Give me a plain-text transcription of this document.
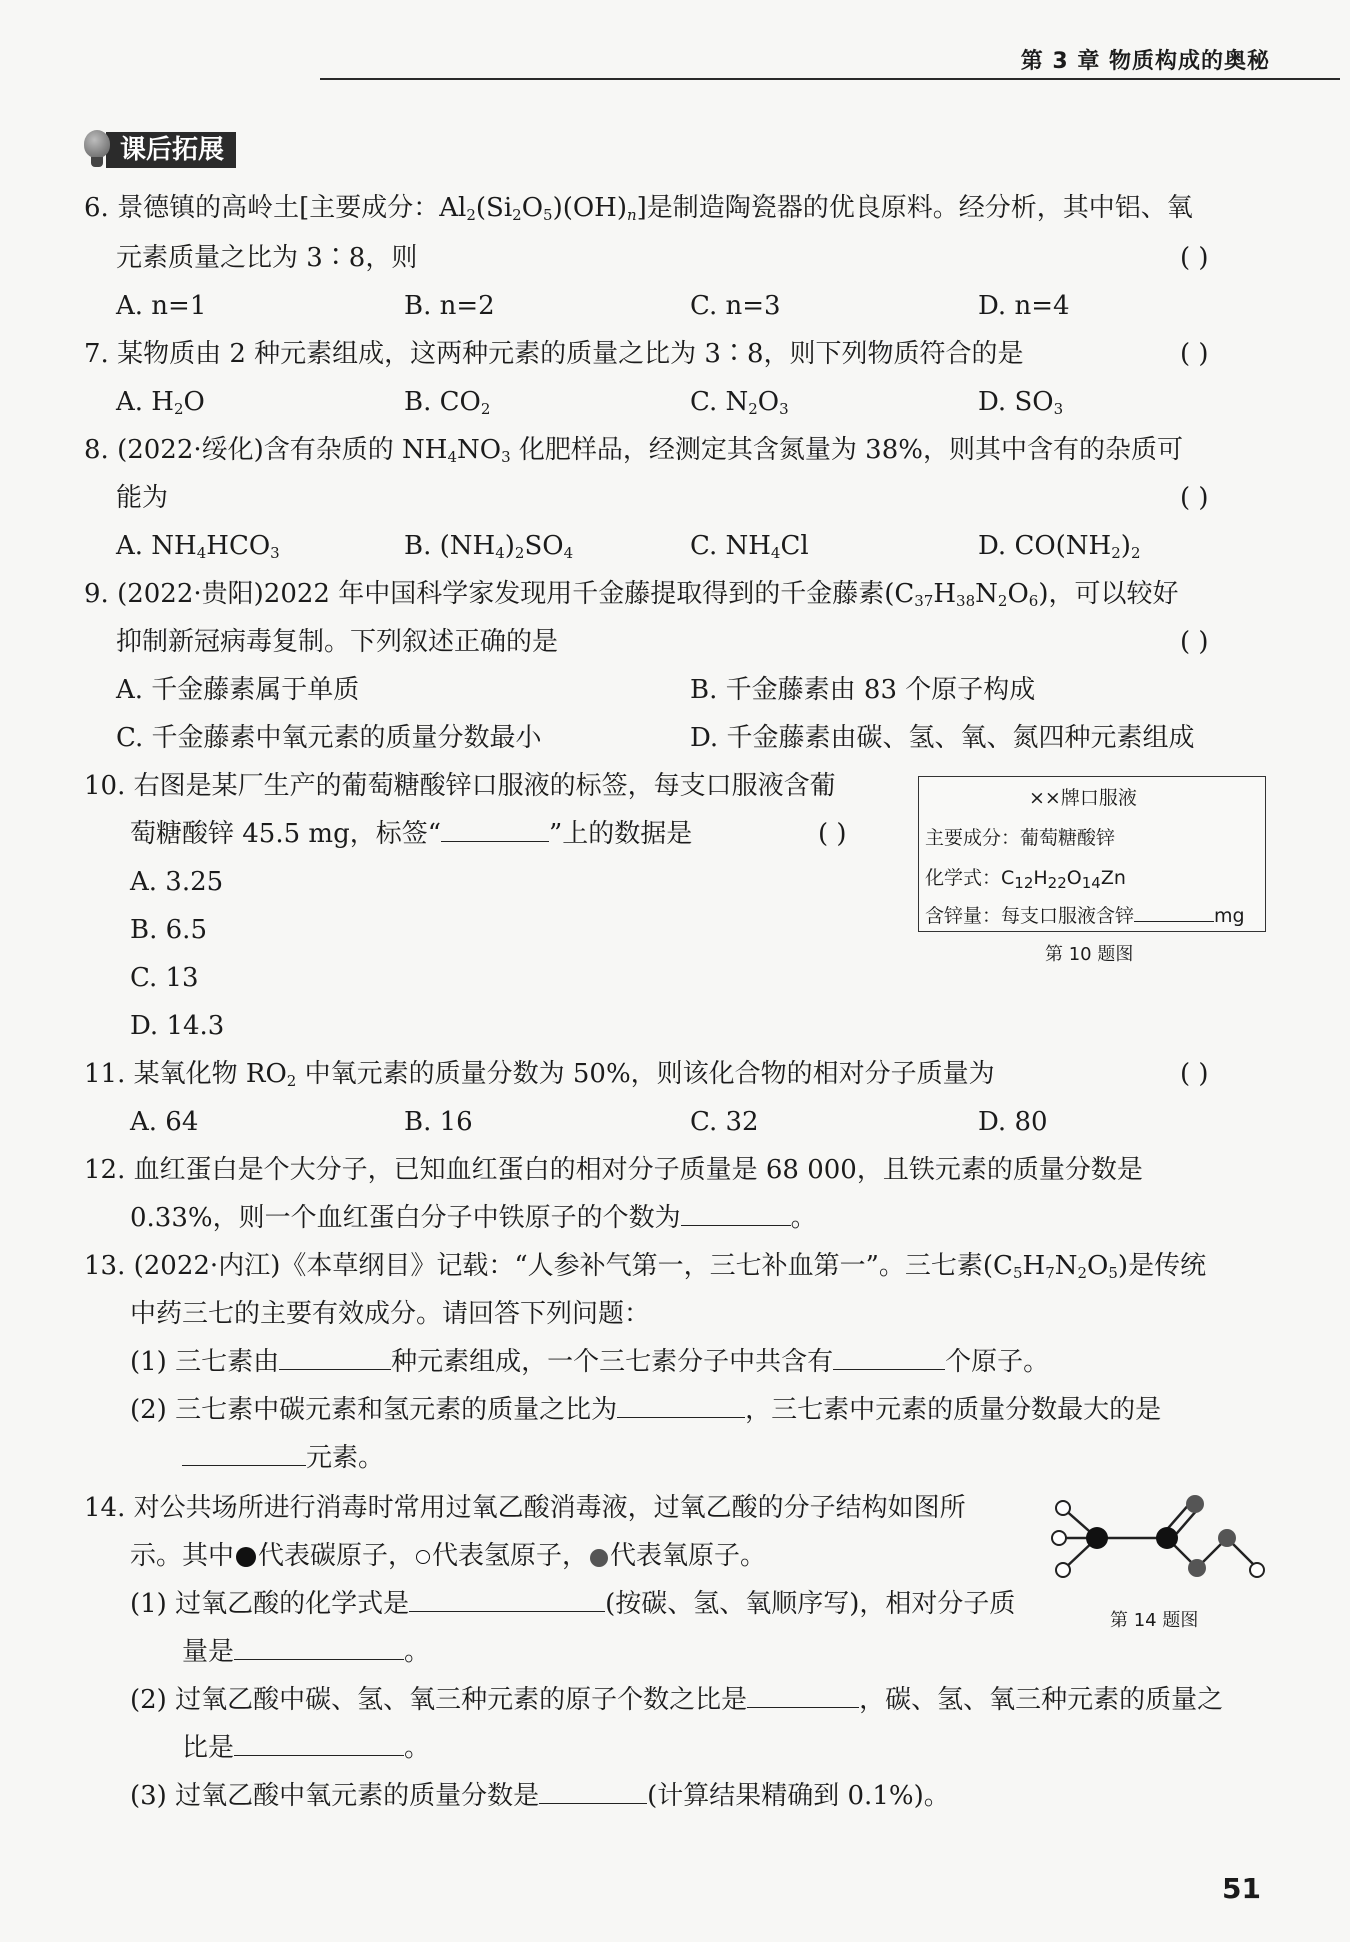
第 3 章 物质构成的奥秘
课后拓展
6. 景德镇的高岭土[主要成分：$Al_2(Si_2O_5)(OH)_n$]是制造陶瓷器的优良原料。经分析，其中铝、氧
元素质量之比为 3∶8，则	( )
A. n=1	B. n=2	C. n=3	D. n=4
7. 某物质由 2 种元素组成，这两种元素的质量之比为 3∶8，则下列物质符合的是	( )
A. $H_2O$	B. $CO_2$	C. $N_2O_3$	D. $SO_3$
8. (2022·绥化)含有杂质的 $NH_4NO_3$ 化肥样品，经测定其含氮量为 38%，则其中含有的杂质可
能为	( )
A. $NH_4HCO_3$	B. $(NH_4)_2SO_4$	C. $NH_4Cl$	D. $CO(NH_2)_2$
9. (2022·贵阳)2022 年中国科学家发现用千金藤提取得到的千金藤素$(C_{37}H_{38}N_2O_6)$，可以较好
抑制新冠病毒复制。下列叙述正确的是	( )
A. 千金藤素属于单质	B. 千金藤素由 83 个原子构成
C. 千金藤素中氧元素的质量分数最小	D. 千金藤素由碳、氢、氧、氮四种元素组成
10. 右图是某厂生产的葡萄糖酸锌口服液的标签，每支口服液含葡
萄糖酸锌 45.5 mg，标签“	”上的数据是	( )
A. 3.25
B. 6.5
C. 13
D. 14.3
××牌口服液
主要成分：葡萄糖酸锌
化学式：$C_{12}H_{22}O_{14}Zn$
含锌量：每支口服液含锌	mg
第 10 题图
11. 某氧化物 $RO_2$ 中氧元素的质量分数为 50%，则该化合物的相对分子质量为	( )
A. 64	B. 16	C. 32	D. 80
12. 血红蛋白是个大分子，已知血红蛋白的相对分子质量是 68 000，且铁元素的质量分数是
0.33%，则一个血红蛋白分子中铁原子的个数为	。
13. (2022·内江)《本草纲目》记载：“人参补气第一，三七补血第一”。三七素$(C_5H_7N_2O_5)$是传统
中药三七的主要有效成分。请回答下列问题：
(1) 三七素由	种元素组成，一个三七素分子中共含有	个原子。
(2) 三七素中碳元素和氢元素的质量之比为	，三七素中元素的质量分数最大的是
元素。
14. 对公共场所进行消毒时常用过氧乙酸消毒液，过氧乙酸的分子结构如图所
示。其中 代表碳原子， 代表氢原子， 代表氧原子。
(1) 过氧乙酸的化学式是	(按碳、氢、氧顺序写)，相对分子质
量是	。
(2) 过氧乙酸中碳、氢、氧三种元素的原子个数之比是	，碳、氢、氧三种元素的质量之
比是	。
(3) 过氧乙酸中氧元素的质量分数是	(计算结果精确到 0.1%)。
第 14 题图
51
